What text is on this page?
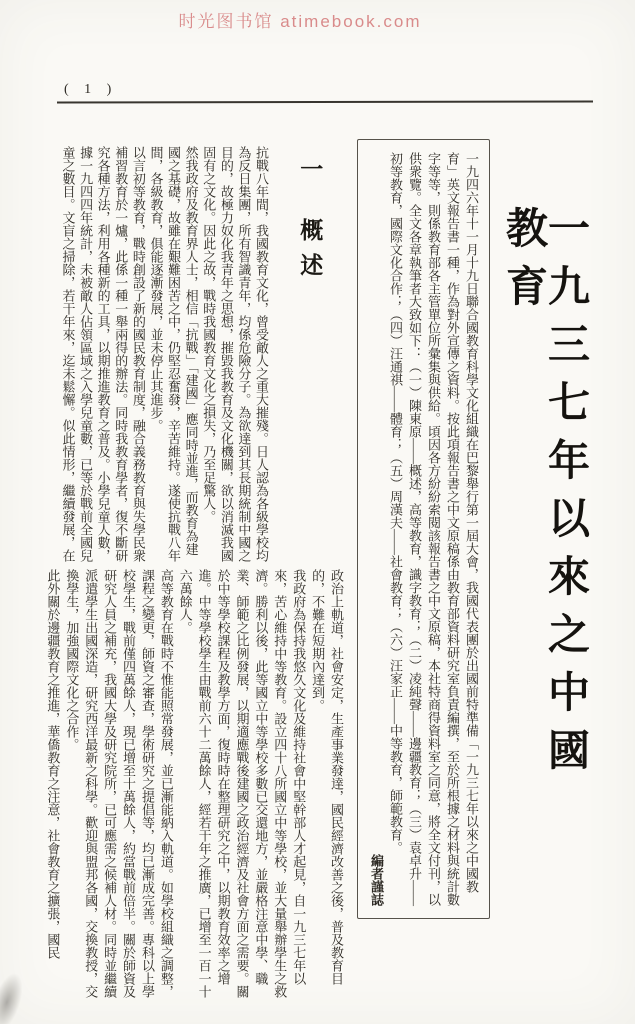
时光图书馆 atimebook.com
( 1 )
一九三七年以來之中國教育

一九四六年十一月十九日聯合國教育科學文化組織在巴黎舉行第一屆大會，我國代表團於出國前特準備「一九三七年以來之中國教育」英文報告書一種，作為對外宣傳之資料。按此項報告書之中文原稿係由教育部資料研究室負責編撰，至於所根據之材料與統計數字等等，則係教育部各主管單位所彙集與供給。頃因各方紛紛索閱該報告書之中文原稿，本社特商得資料室之同意，將全文付刊，以供衆覽。全文各章執筆者大致如下：（一）陳東原——概述，高等教育，識字教育；（二）凌純聲——邊疆教育；（三）袁卓升——初等教育，國際文化合作；（四）汪通祺——體育；（五）周漢夫——社會教育；（六）汪家正——中等教育，師範教育。

編者謹誌

一概述

抗戰八年間，我國教育文化，曾受敵人之重大摧殘。日人認為各級學校均為反日集團，所有智識青年，均係危險分子。為欲達到其長期統制中國之目的，故極力奴化我青年之思想，摧毀我教育及文化機關，欲以消滅我國固有之文化。因此之故，戰時我國教育文化之損失，乃至足驚人。

然我政府及教育界人士，相信「抗戰」「建國」應同時並進，而教育為建國之基礎，故雖在艱難困苦之中，仍堅忍奮發，辛苦維持。遂使抗戰八年間，各級教育，俱能逐漸發展，並未停止其進步。

以言初等教育，戰時創設了新的國民教育制度，融合義務教育與失學民衆補習教育於一爐，此係一種一舉兩得的辦法。同時我教育學者，復不斷研究各種方法，利用各種新的工具，以期推進教育之普及。小學兒童人數，據一九四四年統計，未被敵人佔領區域之入學兒童數，已等於戰前全國兒童之數目。文盲之掃除，若干年來，迄未鬆懈。似此情形，繼續發展，在

政治上軌道，社會安定，生產事業發達，國民經濟改善之後，普及教育目的，不難在短期內達到。

我政府為保持我悠久文化及維持社會中堅幹部人才起見，自一九三七年以來，苦心維持中等教育。設立四十八所國立中等學校，並大量舉辦學生之救濟。勝利以後，此等國立中等學校多數已交還地方，並嚴格注意中學、職業、師範之比例發展，以期適應戰後建國之政治經濟及社會方面之需要。關於中等學校課程及教學方面，復時時在整理研究之中，以期教育效率之增進。中等學校學生由戰前六十二萬餘人，經若干年之推廣，已增至一百一十六萬餘人。

高等教育在戰時不惟能照常發展，並已漸能納入軌道。如學校組織之調整，課程之變更，師資之審查，學術研究之提倡等，均已漸成完善。專科以上學校學生，戰前僅四萬餘人，現已增至十萬餘人，約當戰前倍半。關於師資及研究人員之補充，我國大學及研究院所，已可應需之候補人材。同時並繼續派遣學生出國深造，研究西洋最新之科學。歡迎與盟邦各國，交換教授，交換學生，加強國際文化之合作。

此外關於邊疆教育之推進，華僑教育之注意，社會教育之擴張，國民
